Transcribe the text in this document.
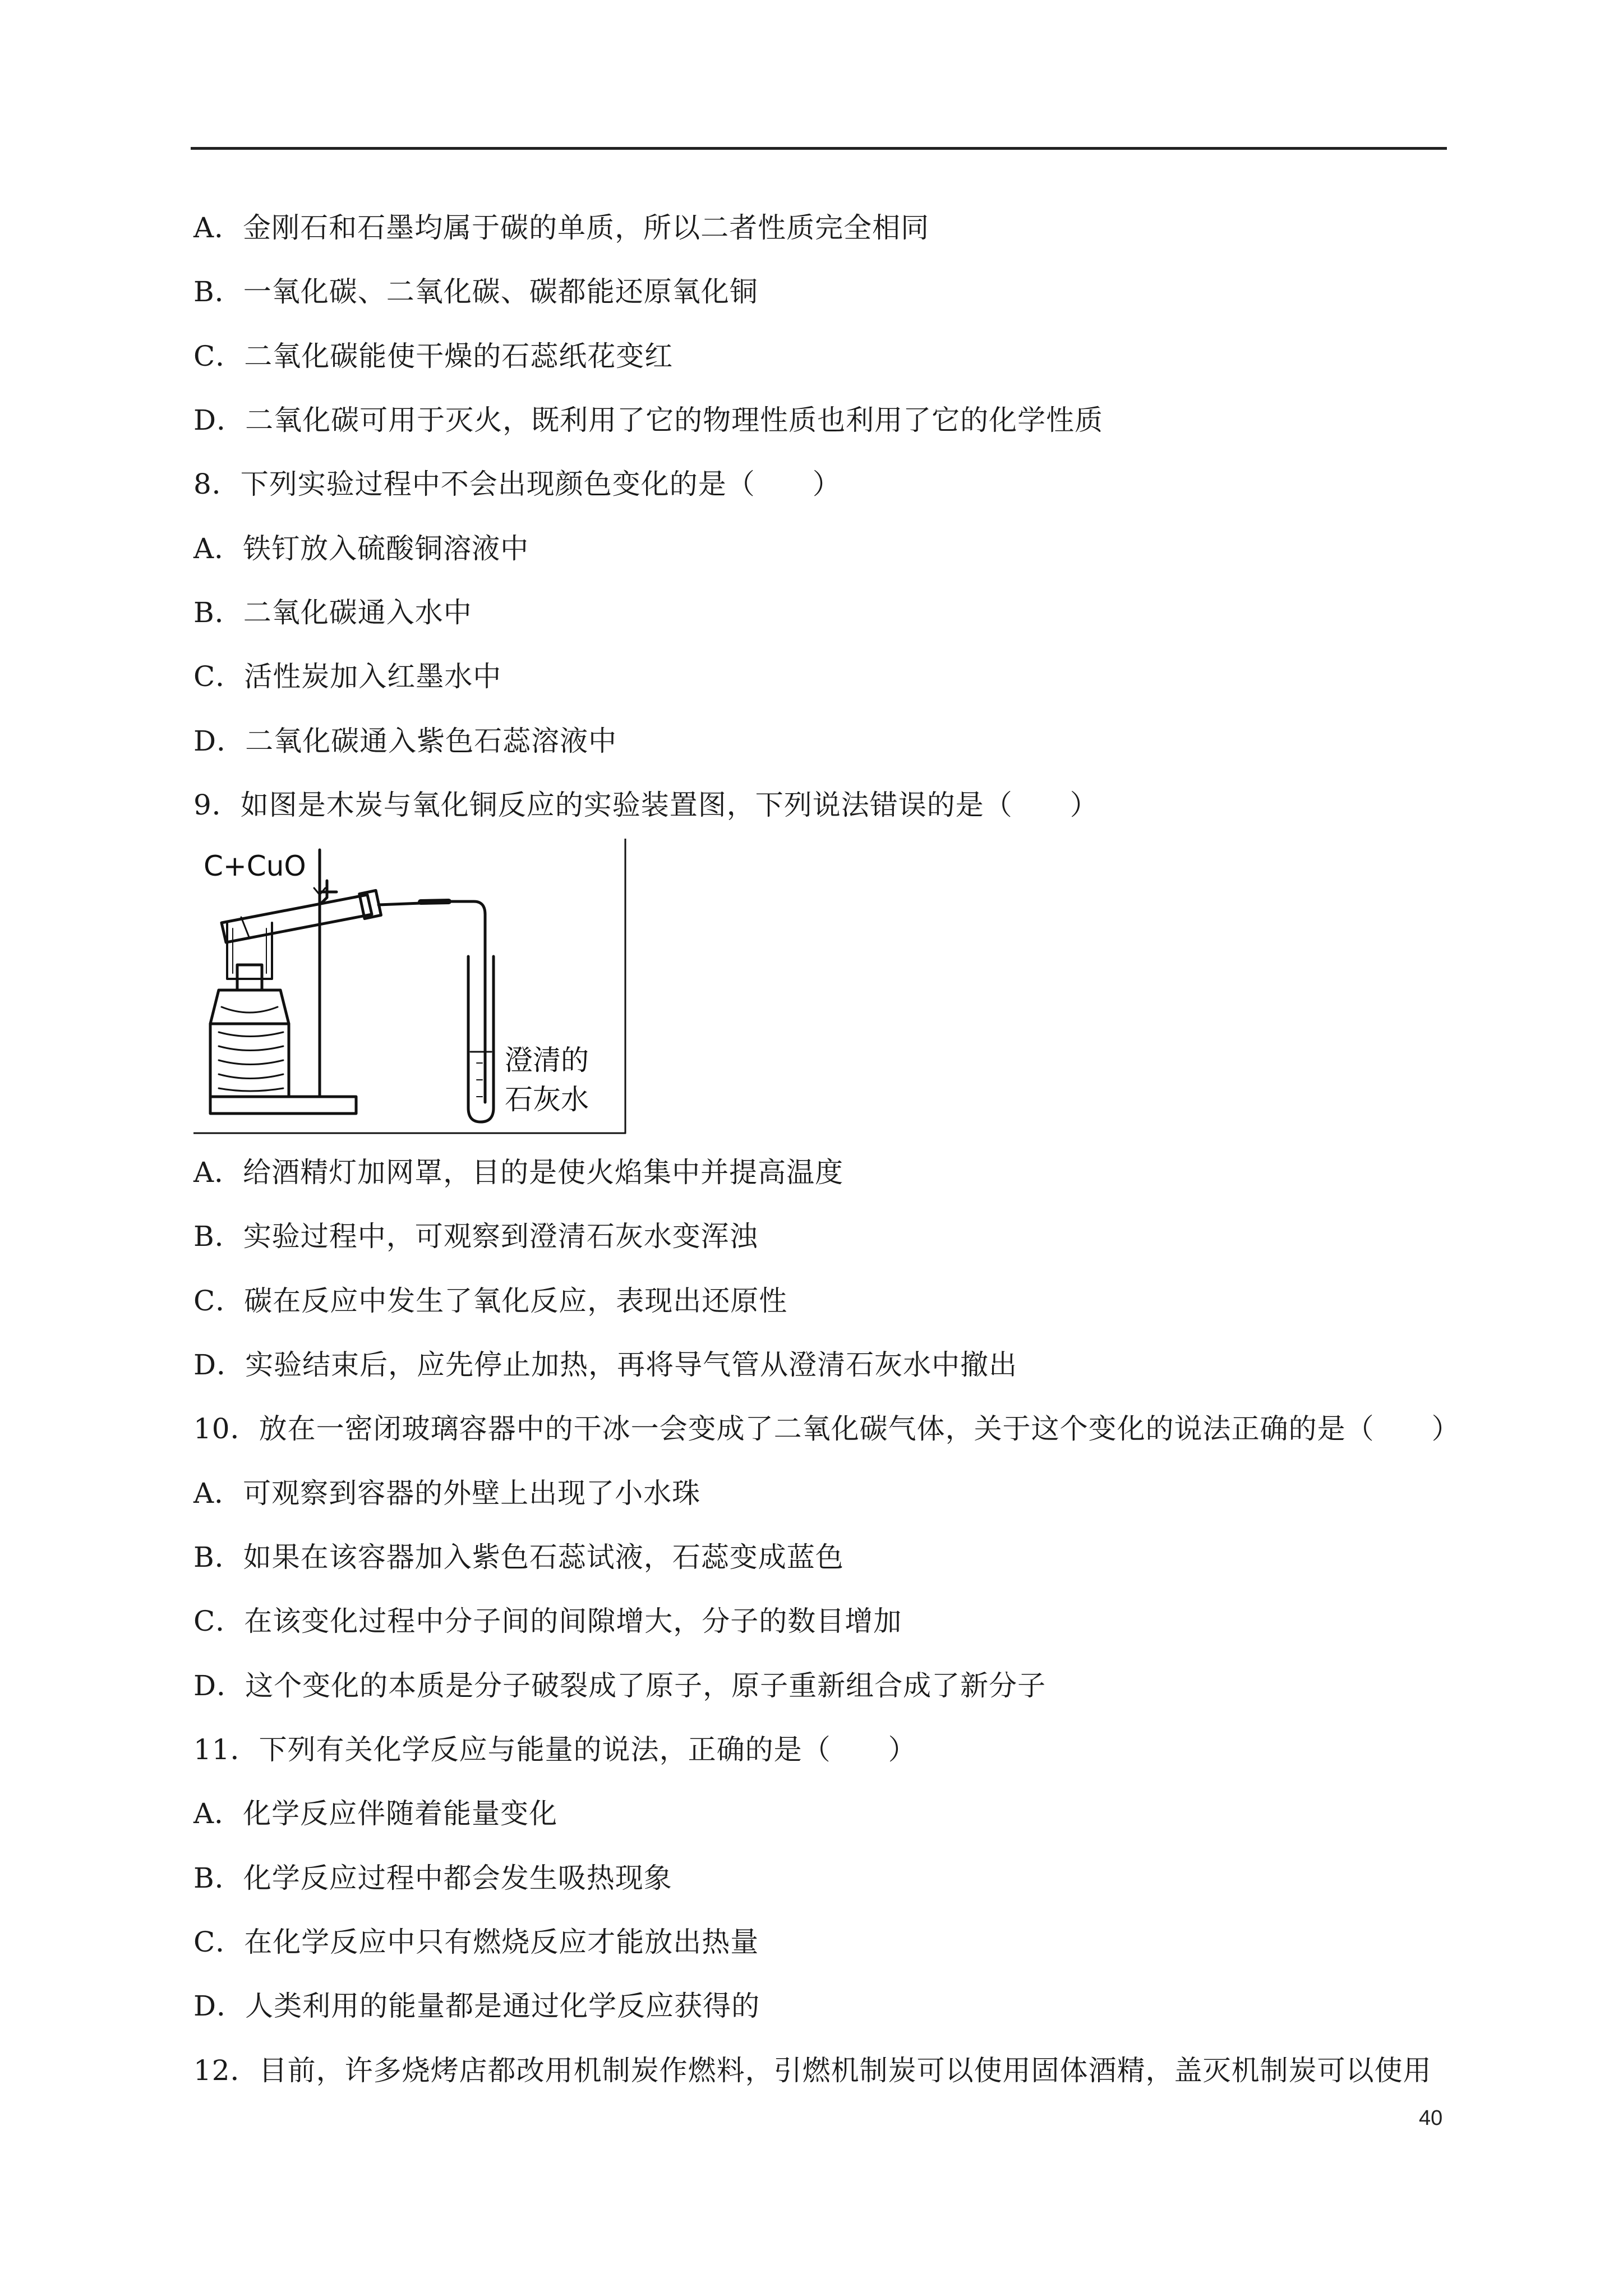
A．金刚石和石墨均属于碳的单质，所以二者性质完全相同
B．一氧化碳、二氧化碳、碳都能还原氧化铜
C．二氧化碳能使干燥的石蕊纸花变红
D．二氧化碳可用于灭火，既利用了它的物理性质也利用了它的化学性质
8．下列实验过程中不会出现颜色变化的是（　　）
A．铁钉放入硫酸铜溶液中
B．二氧化碳通入水中
C．活性炭加入红墨水中
D．二氧化碳通入紫色石蕊溶液中
9．如图是木炭与氧化铜反应的实验装置图，下列说法错误的是（　　）
C+CuO
澄清的
石灰水
A．给酒精灯加网罩，目的是使火焰集中并提高温度
B．实验过程中，可观察到澄清石灰水变浑浊
C．碳在反应中发生了氧化反应，表现出还原性
D．实验结束后，应先停止加热，再将导气管从澄清石灰水中撤出
10．放在一密闭玻璃容器中的干冰一会变成了二氧化碳气体，关于这个变化的说法正确的是（　　）
A．可观察到容器的外壁上出现了小水珠
B．如果在该容器加入紫色石蕊试液，石蕊变成蓝色
C．在该变化过程中分子间的间隙增大，分子的数目增加
D．这个变化的本质是分子破裂成了原子，原子重新组合成了新分子
11．下列有关化学反应与能量的说法，正确的是（　　）
A．化学反应伴随着能量变化
B．化学反应过程中都会发生吸热现象
C．在化学反应中只有燃烧反应才能放出热量
D．人类利用的能量都是通过化学反应获得的
12．目前，许多烧烤店都改用机制炭作燃料，引燃机制炭可以使用固体酒精，盖灭机制炭可以使用
40
